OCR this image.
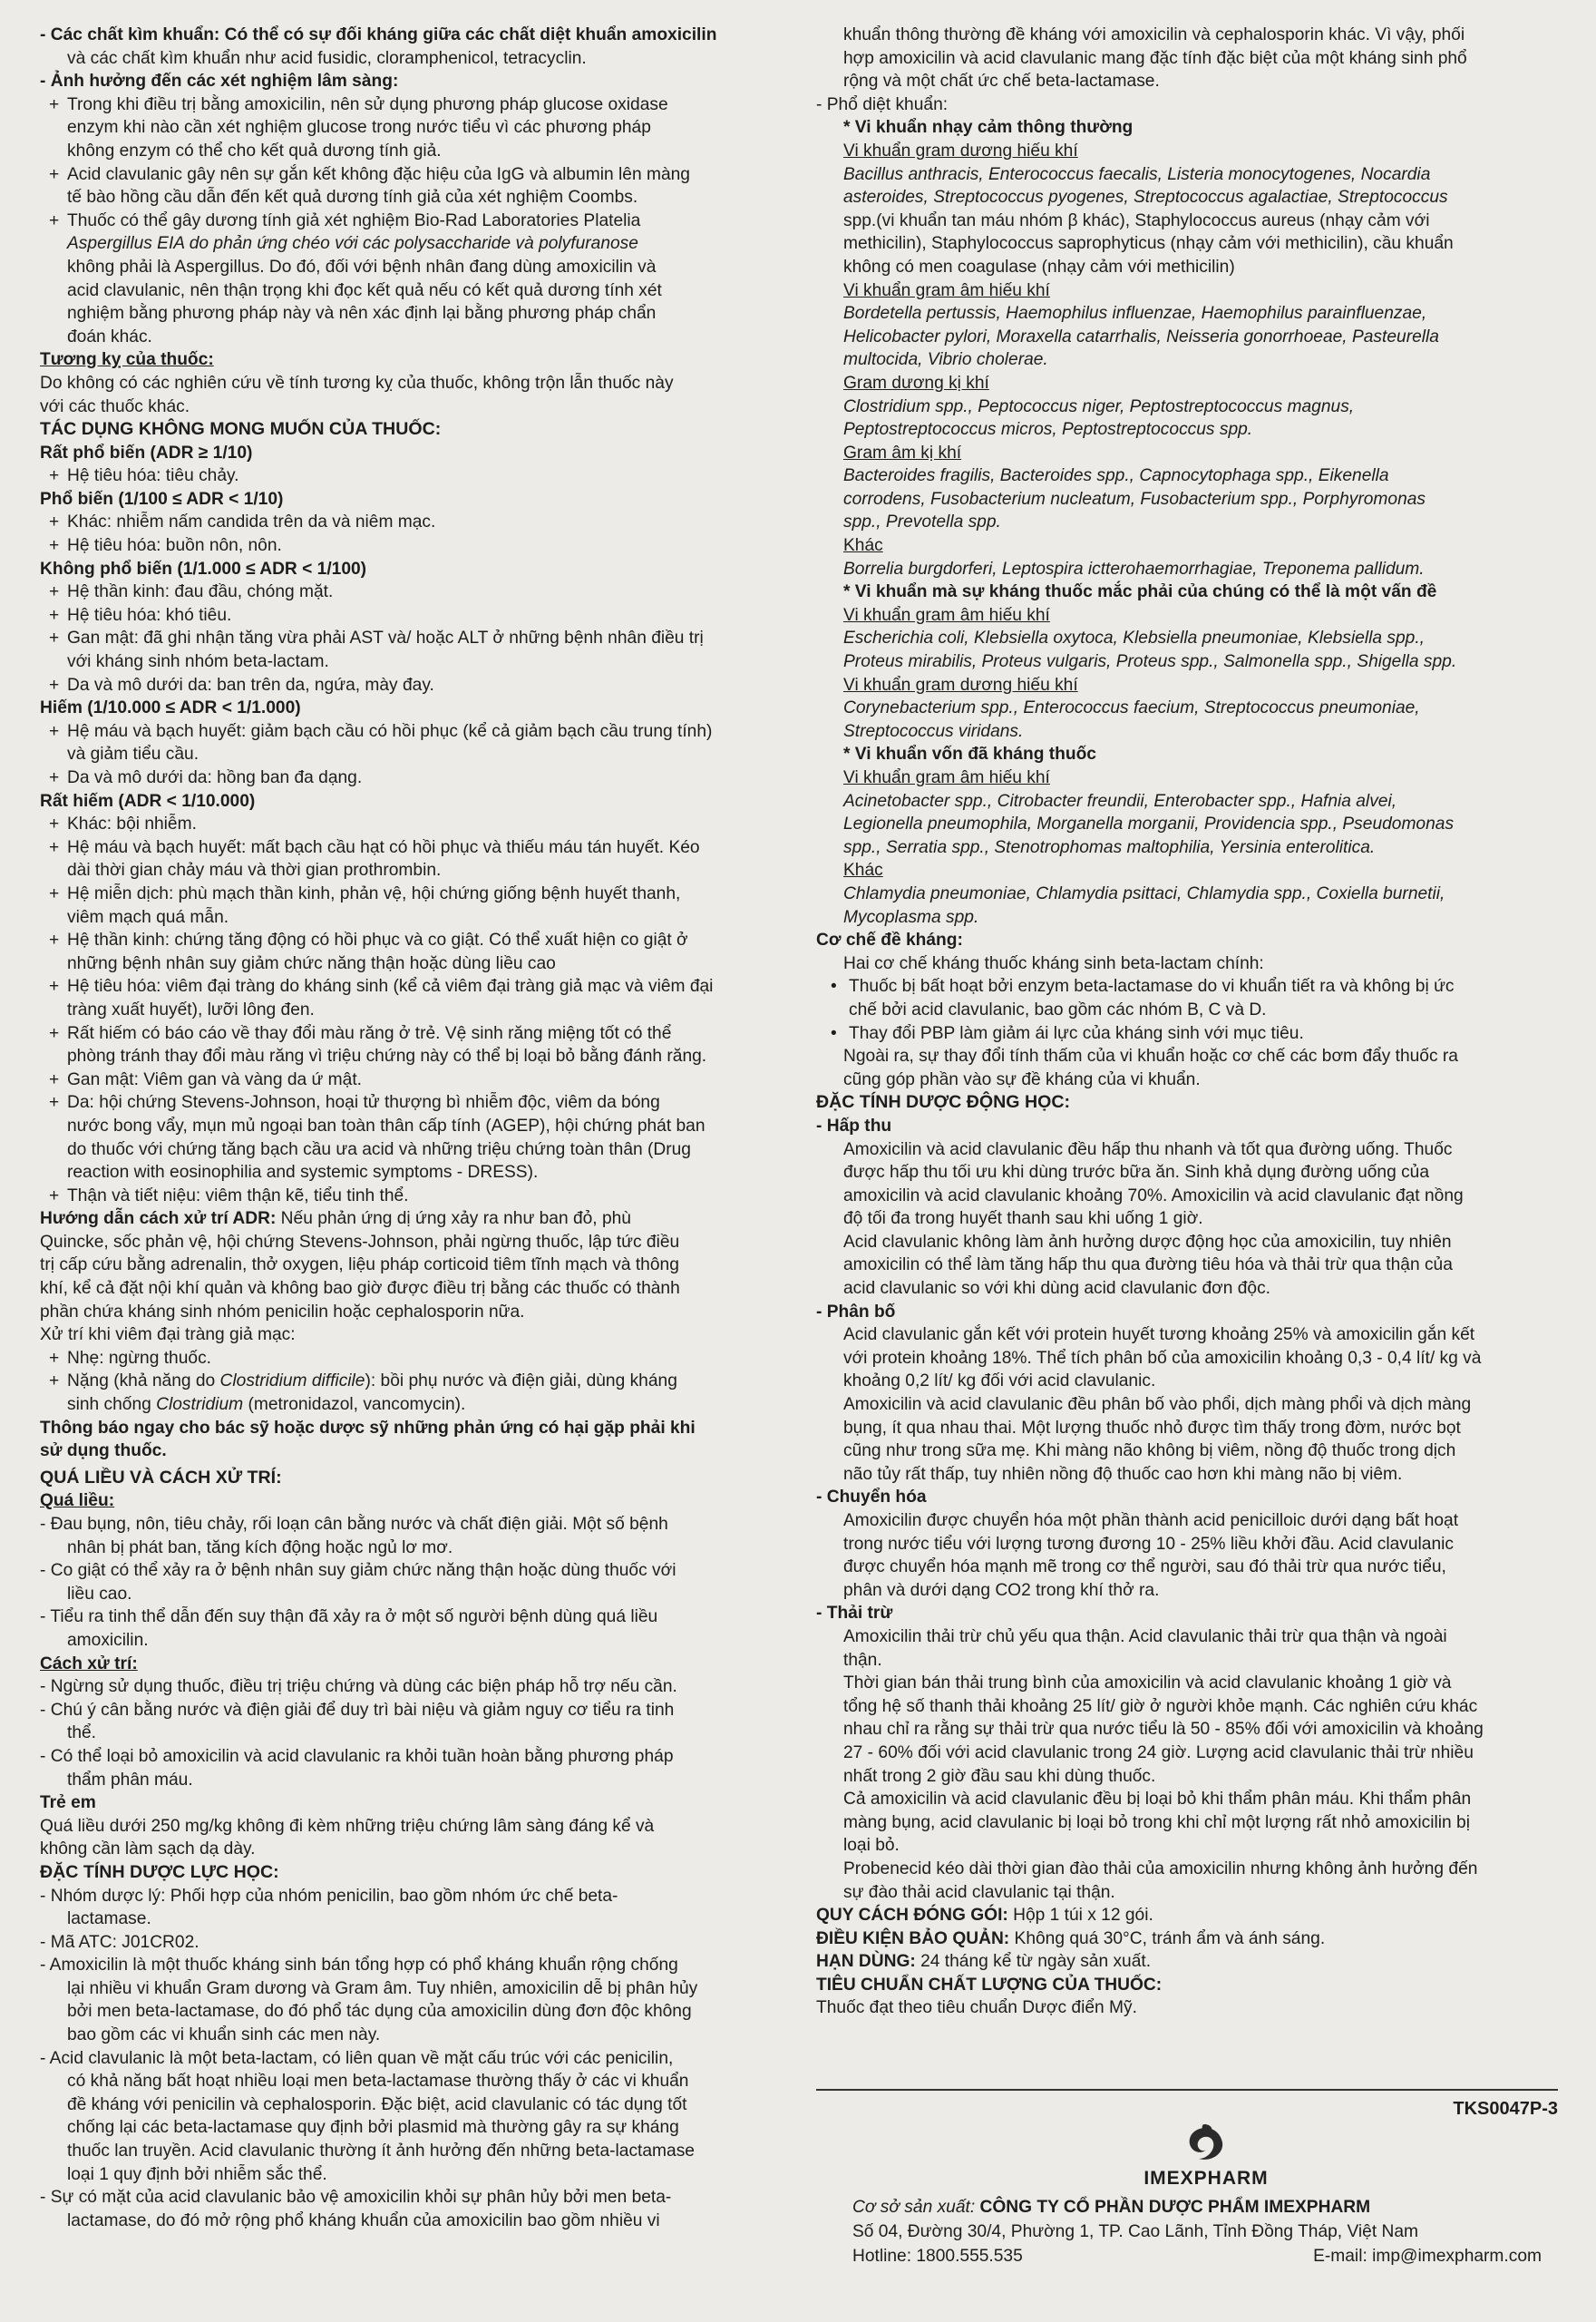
- Các chất kìm khuẩn: Có thể có sự đối kháng giữa các chất diệt khuẩn amoxicilin

và các chất kìm khuẩn như acid fusidic, cloramphenicol, tetracyclin.

- Ảnh hưởng đến các xét nghiệm lâm sàng:

+ Trong khi điều trị bằng amoxicilin, nên sử dụng phương pháp glucose oxidase
enzym khi nào cần xét nghiệm glucose trong nước tiểu vì các phương pháp
không enzym có thể cho kết quả dương tính giả.
+ Acid clavulanic gây nên sự gắn kết không đặc hiệu của IgG và albumin lên màng
tế bào hồng cầu dẫn đến kết quả dương tính giả của xét nghiệm Coombs.
+ Thuốc có thể gây dương tính giả xét nghiệm Bio-Rad Laboratories Platelia
Aspergillus EIA do phản ứng chéo với các polysaccharide và polyfuranose
không phải là Aspergillus. Do đó, đối với bệnh nhân đang dùng amoxicilin và
acid clavulanic, nên thận trọng khi đọc kết quả nếu có kết quả dương tính xét
nghiệm bằng phương pháp này và nên xác định lại bằng phương pháp chẩn
đoán khác.

Tương kỵ của thuốc:

Do không có các nghiên cứu về tính tương kỵ của thuốc, không trộn lẫn thuốc này

với các thuốc khác.

TÁC DỤNG KHÔNG MONG MUỐN CỦA THUỐC:

Rất phổ biến (ADR ≥ 1/10)

+ Hệ tiêu hóa: tiêu chảy.

Phổ biến (1/100 ≤ ADR < 1/10)

+ Khác: nhiễm nấm candida trên da và niêm mạc.
+ Hệ tiêu hóa: buồn nôn, nôn.

Không phổ biến (1/1.000 ≤ ADR < 1/100)

+ Hệ thần kinh: đau đầu, chóng mặt.
+ Hệ tiêu hóa: khó tiêu.
+ Gan mật: đã ghi nhận tăng vừa phải AST và/ hoặc ALT ở những bệnh nhân điều trị
với kháng sinh nhóm beta-lactam.
+ Da và mô dưới da: ban trên da, ngứa, mày đay.

Hiếm (1/10.000 ≤ ADR < 1/1.000)

+ Hệ máu và bạch huyết: giảm bạch cầu có hồi phục (kể cả giảm bạch cầu trung tính)
và giảm tiểu cầu.
+ Da và mô dưới da: hồng ban đa dạng.

Rất hiếm (ADR < 1/10.000)

+ Khác: bội nhiễm.
+ Hệ máu và bạch huyết: mất bạch cầu hạt có hồi phục và thiếu máu tán huyết. Kéo
dài thời gian chảy máu và thời gian prothrombin.
+ Hệ miễn dịch: phù mạch thần kinh, phản vệ, hội chứng giống bệnh huyết thanh,
viêm mạch quá mẫn.
+ Hệ thần kinh: chứng tăng động có hồi phục và co giật. Có thể xuất hiện co giật ở
những bệnh nhân suy giảm chức năng thận hoặc dùng liều cao
+ Hệ tiêu hóa: viêm đại tràng do kháng sinh (kể cả viêm đại tràng giả mạc và viêm đại
tràng xuất huyết), lưỡi lông đen.
+ Rất hiếm có báo cáo về thay đổi màu răng ở trẻ. Vệ sinh răng miệng tốt có thể
phòng tránh thay đổi màu răng vì triệu chứng này có thể bị loại bỏ bằng đánh răng.
+ Gan mật: Viêm gan và vàng da ứ mật.
+ Da: hội chứng Stevens-Johnson, hoại tử thượng bì nhiễm độc, viêm da bóng
nước bong vẩy, mụn mủ ngoại ban toàn thân cấp tính (AGEP), hội chứng phát ban
do thuốc với chứng tăng bạch cầu ưa acid và những triệu chứng toàn thân (Drug
reaction with eosinophilia and systemic symptoms - DRESS).
+ Thận và tiết niệu: viêm thận kẽ, tiểu tinh thể.

Hướng dẫn cách xử trí ADR: Nếu phản ứng dị ứng xảy ra như ban đỏ, phù

Quincke, sốc phản vệ, hội chứng Stevens-Johnson, phải ngừng thuốc, lập tức điều

trị cấp cứu bằng adrenalin, thở oxygen, liệu pháp corticoid tiêm tĩnh mạch và thông

khí, kể cả đặt nội khí quản và không bao giờ được điều trị bằng các thuốc có thành

phần chứa kháng sinh nhóm penicilin hoặc cephalosporin nữa.

Xử trí khi viêm đại tràng giả mạc:

+ Nhẹ: ngừng thuốc.
+ Nặng (khả năng do Clostridium difficile): bồi phụ nước và điện giải, dùng kháng
sinh chống Clostridium (metronidazol, vancomycin).

Thông báo ngay cho bác sỹ hoặc dược sỹ những phản ứng có hại gặp phải khi

sử dụng thuốc.

QUÁ LIỀU VÀ CÁCH XỬ TRÍ:

Quá liều:

- Đau bụng, nôn, tiêu chảy, rối loạn cân bằng nước và chất điện giải. Một số bệnh

nhân bị phát ban, tăng kích động hoặc ngủ lơ mơ.

- Co giật có thể xảy ra ở bệnh nhân suy giảm chức năng thận hoặc dùng thuốc với

liều cao.

- Tiểu ra tinh thể dẫn đến suy thận đã xảy ra ở một số người bệnh dùng quá liều

amoxicilin.

Cách xử trí:

- Ngừng sử dụng thuốc, điều trị triệu chứng và dùng các biện pháp hỗ trợ nếu cần.

- Chú ý cân bằng nước và điện giải để duy trì bài niệu và giảm nguy cơ tiểu ra tinh

thể.

- Có thể loại bỏ amoxicilin và acid clavulanic ra khỏi tuần hoàn bằng phương pháp

thẩm phân máu.

Trẻ em

Quá liều dưới 250 mg/kg không đi kèm những triệu chứng lâm sàng đáng kể và

không cần làm sạch dạ dày.

ĐẶC TÍNH DƯỢC LỰC HỌC:

- Nhóm dược lý: Phối hợp của nhóm penicilin, bao gồm nhóm ức chế beta-

lactamase.

- Mã ATC: J01CR02.

- Amoxicilin là một thuốc kháng sinh bán tổng hợp có phổ kháng khuẩn rộng chống

lại nhiều vi khuẩn Gram dương và Gram âm. Tuy nhiên, amoxicilin dễ bị phân hủy

bởi men beta-lactamase, do đó phổ tác dụng của amoxicilin dùng đơn độc không

bao gồm các vi khuẩn sinh các men này.

- Acid clavulanic là một beta-lactam, có liên quan về mặt cấu trúc với các penicilin,

có khả năng bất hoạt nhiều loại men beta-lactamase thường thấy ở các vi khuẩn

đề kháng với penicilin và cephalosporin. Đặc biệt, acid clavulanic có tác dụng tốt

chống lại các beta-lactamase quy định bởi plasmid mà thường gây ra sự kháng

thuốc lan truyền. Acid clavulanic thường ít ảnh hưởng đến những beta-lactamase

loại 1 quy định bởi nhiễm sắc thể.

- Sự có mặt của acid clavulanic bảo vệ amoxicilin khỏi sự phân hủy bởi men beta-

lactamase, do đó mở rộng phổ kháng khuẩn của amoxicilin bao gồm nhiều vi

khuẩn thông thường đề kháng với amoxicilin và cephalosporin khác. Vì vậy, phối

hợp amoxicilin và acid clavulanic mang đặc tính đặc biệt của một kháng sinh phổ

rộng và một chất ức chế beta-lactamase.

- Phổ diệt khuẩn:

* Vi khuẩn nhạy cảm thông thường

Vi khuẩn gram dương hiếu khí

Bacillus anthracis, Enterococcus faecalis, Listeria monocytogenes, Nocardia

asteroides, Streptococcus pyogenes, Streptococcus agalactiae, Streptococcus

spp.(vi khuẩn tan máu nhóm β khác), Staphylococcus aureus (nhạy cảm với

methicilin), Staphylococcus saprophyticus (nhạy cảm với methicilin), cầu khuẩn

không có men coagulase (nhạy cảm với methicilin)

Vi khuẩn gram âm hiếu khí

Bordetella pertussis, Haemophilus influenzae, Haemophilus parainfluenzae,

Helicobacter pylori, Moraxella catarrhalis, Neisseria gonorrhoeae, Pasteurella

multocida, Vibrio cholerae.

Gram dương kị khí

Clostridium spp., Peptococcus niger, Peptostreptococcus magnus,

Peptostreptococcus micros, Peptostreptococcus spp.

Gram âm kị khí

Bacteroides fragilis, Bacteroides spp., Capnocytophaga spp., Eikenella

corrodens, Fusobacterium nucleatum, Fusobacterium spp., Porphyromonas

spp., Prevotella spp.

Khác

Borrelia burgdorferi, Leptospira ictterohaemorrhagiae, Treponema pallidum.

* Vi khuẩn mà sự kháng thuốc mắc phải của chúng có thể là một vấn đề

Vi khuẩn gram âm hiếu khí

Escherichia coli, Klebsiella oxytoca, Klebsiella pneumoniae, Klebsiella spp.,

Proteus mirabilis, Proteus vulgaris, Proteus spp., Salmonella spp., Shigella spp.

Vi khuẩn gram dương hiếu khí

Corynebacterium spp., Enterococcus faecium, Streptococcus pneumoniae,

Streptococcus viridans.

* Vi khuẩn vốn đã kháng thuốc

Vi khuẩn gram âm hiếu khí

Acinetobacter spp., Citrobacter freundii, Enterobacter spp., Hafnia alvei,

Legionella pneumophila, Morganella morganii, Providencia spp., Pseudomonas

spp., Serratia spp., Stenotrophomas maltophilia, Yersinia enterolitica.

Khác

Chlamydia pneumoniae, Chlamydia psittaci, Chlamydia spp., Coxiella burnetii,

Mycoplasma spp.

Cơ chế đề kháng:

Hai cơ chế kháng thuốc kháng sinh beta-lactam chính:

• Thuốc bị bất hoạt bởi enzym beta-lactamase do vi khuẩn tiết ra và không bị ức
chế bởi acid clavulanic, bao gồm các nhóm B, C và D.
• Thay đổi PBP làm giảm ái lực của kháng sinh với mục tiêu.

Ngoài ra, sự thay đổi tính thấm của vi khuẩn hoặc cơ chế các bơm đẩy thuốc ra

cũng góp phần vào sự đề kháng của vi khuẩn.

ĐẶC TÍNH DƯỢC ĐỘNG HỌC:

- Hấp thu

Amoxicilin và acid clavulanic đều hấp thu nhanh và tốt qua đường uống. Thuốc

được hấp thu tối ưu khi dùng trước bữa ăn. Sinh khả dụng đường uống của

amoxicilin và acid clavulanic khoảng 70%. Amoxicilin và acid clavulanic đạt nồng

độ tối đa trong huyết thanh sau khi uống 1 giờ.

Acid clavulanic không làm ảnh hưởng dược động học của amoxicilin, tuy nhiên

amoxicilin có thể làm tăng hấp thu qua đường tiêu hóa và thải trừ qua thận của

acid clavulanic so với khi dùng acid clavulanic đơn độc.

- Phân bố

Acid clavulanic gắn kết với protein huyết tương khoảng 25% và amoxicilin gắn kết

với protein khoảng 18%. Thể tích phân bố của amoxicilin khoảng 0,3 - 0,4 lít/ kg và

khoảng 0,2 lít/ kg đối với acid clavulanic.

Amoxicilin và acid clavulanic đều phân bố vào phổi, dịch màng phổi và dịch màng

bụng, ít qua nhau thai. Một lượng thuốc nhỏ được tìm thấy trong đờm, nước bọt

cũng như trong sữa mẹ. Khi màng não không bị viêm, nồng độ thuốc trong dịch

não tủy rất thấp, tuy nhiên nồng độ thuốc cao hơn khi màng não bị viêm.

- Chuyển hóa

Amoxicilin được chuyển hóa một phần thành acid penicilloic dưới dạng bất hoạt

trong nước tiểu với lượng tương đương 10 - 25% liều khởi đầu. Acid clavulanic

được chuyển hóa mạnh mẽ trong cơ thể người, sau đó thải trừ qua nước tiểu,

phân và dưới dạng CO2 trong khí thở ra.

- Thải trừ

Amoxicilin thải trừ chủ yếu qua thận. Acid clavulanic thải trừ qua thận và ngoài

thận.

Thời gian bán thải trung bình của amoxicilin và acid clavulanic khoảng 1 giờ và

tổng hệ số thanh thải khoảng 25 lít/ giờ ở người khỏe mạnh. Các nghiên cứu khác

nhau chỉ ra rằng sự thải trừ qua nước tiểu là 50 - 85% đối với amoxicilin và khoảng

27 - 60% đối với acid clavulanic trong 24 giờ. Lượng acid clavulanic thải trừ nhiều

nhất trong 2 giờ đầu sau khi dùng thuốc.

Cả amoxicilin và acid clavulanic đều bị loại bỏ khi thẩm phân máu. Khi thẩm phân

màng bụng, acid clavulanic bị loại bỏ trong khi chỉ một lượng rất nhỏ amoxicilin bị

loại bỏ.

Probenecid kéo dài thời gian đào thải của amoxicilin nhưng không ảnh hưởng đến

sự đào thải acid clavulanic tại thận.

QUY CÁCH ĐÓNG GÓI: Hộp 1 túi x 12 gói.

ĐIỀU KIỆN BẢO QUẢN: Không quá 30°C, tránh ẩm và ánh sáng.

HẠN DÙNG: 24 tháng kể từ ngày sản xuất.

TIÊU CHUẨN CHẤT LƯỢNG CỦA THUỐC:

Thuốc đạt theo tiêu chuẩn Dược điển Mỹ.

TKS0047P-3
IMEXPHARM
Cơ sở sản xuất: CÔNG TY CỔ PHẦN DƯỢC PHẨM IMEXPHARM
Số 04, Đường 30/4, Phường 1, TP. Cao Lãnh, Tỉnh Đồng Tháp, Việt Nam
Hotline: 1800.555.535	E-mail: imp@imexpharm.com
